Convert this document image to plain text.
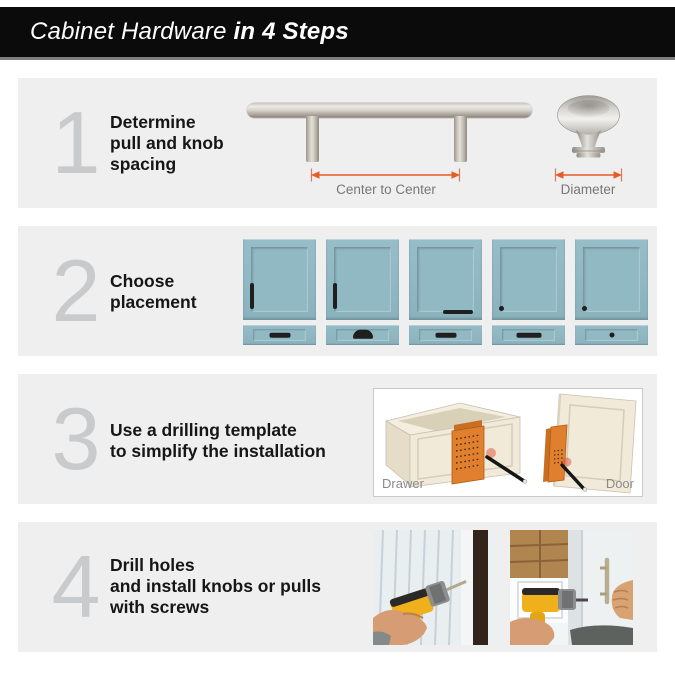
Cabinet Hardware in 4 Steps
1 Determine
pull and knob
spacing
Center to Center	Diameter
2 Choose
placement
3 Use a drilling template
to simplify the installation
Drawer	Door
4 Drill holes
and install knobs or pulls
with screws
